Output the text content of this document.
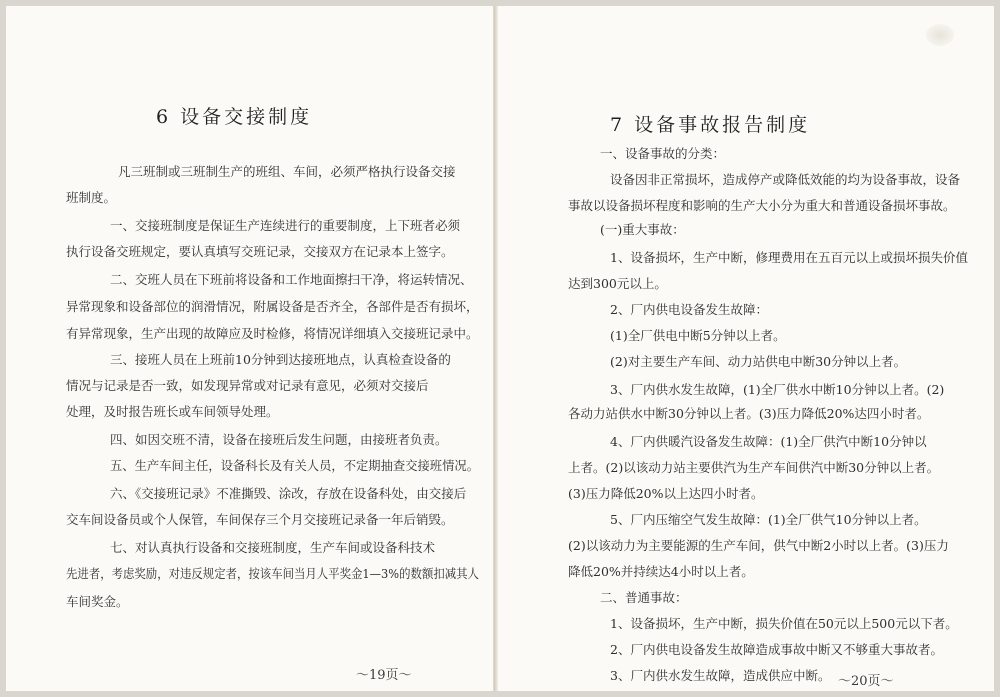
6 设备交接制度
凡三班制或三班制生产的班组、车间，必须严格执行设备交接
班制度。
一、交接班制度是保证生产连续进行的重要制度，上下班者必须
执行设备交班规定，要认真填写交班记录，交接双方在记录本上签字。
二、交班人员在下班前将设备和工作地面擦扫干净，将运转情况、
异常现象和设备部位的润滑情况，附属设备是否齐全，各部件是否有损坏，
有异常现象，生产出现的故障应及时检修，将情况详细填入交接班记录中。
三、接班人员在上班前10分钟到达接班地点，认真检查设备的
情况与记录是否一致，如发现异常或对记录有意见，必须对交接后
处理，及时报告班长或车间领导处理。
四、如因交班不清，设备在接班后发生问题，由接班者负责。
五、生产车间主任，设备科长及有关人员，不定期抽查交接班情况。
六、《交接班记录》不准撕毁、涂改，存放在设备科处，由交接后
交车间设备员或个人保管，车间保存三个月交接班记录备一年后销毁。
七、对认真执行设备和交接班制度，生产车间或设备科技术
先进者，考虑奖励，对违反规定者，按该车间当月人平奖金1—3%的数额扣减其人
车间奖金。
～19页～
7 设备事故报告制度
一、设备事故的分类：
设备因非正常损坏，造成停产或降低效能的均为设备事故，设备
事故以设备损坏程度和影响的生产大小分为重大和普通设备损坏事故。
(一)重大事故：
1、设备损坏，生产中断，修理费用在五百元以上或损坏损失价值
达到300元以上。
2、厂内供电设备发生故障：
(1)全厂供电中断5分钟以上者。
(2)对主要生产车间、动力站供电中断30分钟以上者。
3、厂内供水发生故障，(1)全厂供水中断10分钟以上者。(2)
各动力站供水中断30分钟以上者。(3)压力降低20%达四小时者。
4、厂内供暖汽设备发生故障：(1)全厂供汽中断10分钟以
上者。(2)以该动力站主要供汽为生产车间供汽中断30分钟以上者。
(3)压力降低20%以上达四小时者。
5、厂内压缩空气发生故障：(1)全厂供气10分钟以上者。
(2)以该动力为主要能源的生产车间，供气中断2小时以上者。(3)压力
降低20%并持续达4小时以上者。
二、普通事故：
1、设备损坏，生产中断，损失价值在50元以上500元以下者。
2、厂内供电设备发生故障造成事故中断又不够重大事故者。
3、厂内供水发生故障，造成供应中断。 ～20页～
